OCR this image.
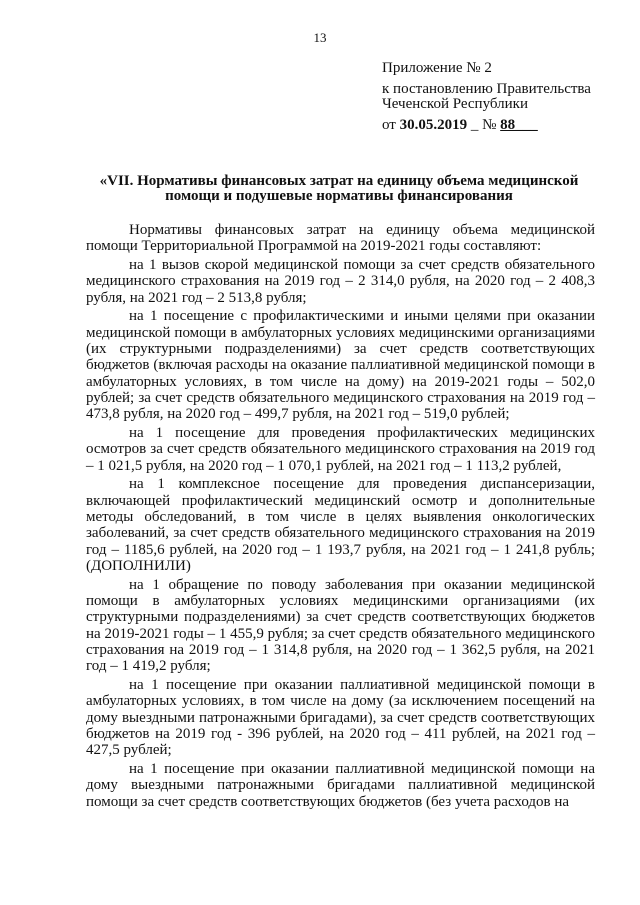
13
Приложение № 2
к постановлению Правительства
Чеченской Республики
от 30.05.2019 _ № 88___
«VII. Нормативы финансовых затрат на единицу объема медицинской помощи и подушевые нормативы финансирования

Нормативы финансовых затрат на единицу объема медицинской помощи Территориальной Программой на 2019-2021 годы составляют:

на 1 вызов скорой медицинской помощи за счет средств обязательного медицинского страхования на 2019 год – 2 314,0 рубля, на 2020 год – 2 408,3 рубля, на 2021 год – 2 513,8 рубля;

на 1 посещение с профилактическими и иными целями при оказании медицинской помощи в амбулаторных условиях медицинскими организациями (их структурными подразделениями) за счет средств соответствующих бюджетов (включая расходы на оказание паллиативной медицинской помощи в амбулаторных условиях, в том числе на дому) на 2019-2021 годы – 502,0 рублей; за счет средств обязательного медицинского страхования на 2019 год – 473,8 рубля, на 2020 год – 499,7 рубля, на 2021 год – 519,0 рублей;

на 1 посещение для проведения профилактических медицинских осмотров за счет средств обязательного медицинского страхования на 2019 год – 1 021,5 рубля, на 2020 год – 1 070,1 рублей, на 2021 год – 1 113,2 рублей,

на 1 комплексное посещение для проведения диспансеризации, включающей профилактический медицинский осмотр и дополнительные методы обследований, в том числе в целях выявления онкологических заболеваний, за счет средств обязательного медицинского страхования на 2019 год – 1185,6 рублей, на 2020 год – 1 193,7 рубля, на 2021 год – 1 241,8 рубль;(ДОПОЛНИЛИ)

на 1 обращение по поводу заболевания при оказании медицинской помощи в амбулаторных условиях медицинскими организациями (их структурными подразделениями) за счет средств соответствующих бюджетов на 2019-2021 годы – 1 455,9 рубля; за счет средств обязательного медицинского страхования на 2019 год – 1 314,8 рубля, на 2020 год – 1 362,5 рубля, на 2021 год – 1 419,2 рубля;

на 1 посещение при оказании паллиативной медицинской помощи в амбулаторных условиях, в том числе на дому (за исключением посещений на дому выездными патронажными бригадами), за счет средств соответствующих бюджетов на 2019 год - 396 рублей, на 2020 год – 411 рублей, на 2021 год – 427,5 рублей;

на 1 посещение при оказании паллиативной медицинской помощи на дому выездными патронажными бригадами паллиативной медицинской помощи за счет средств соответствующих бюджетов (без учета расходов на
